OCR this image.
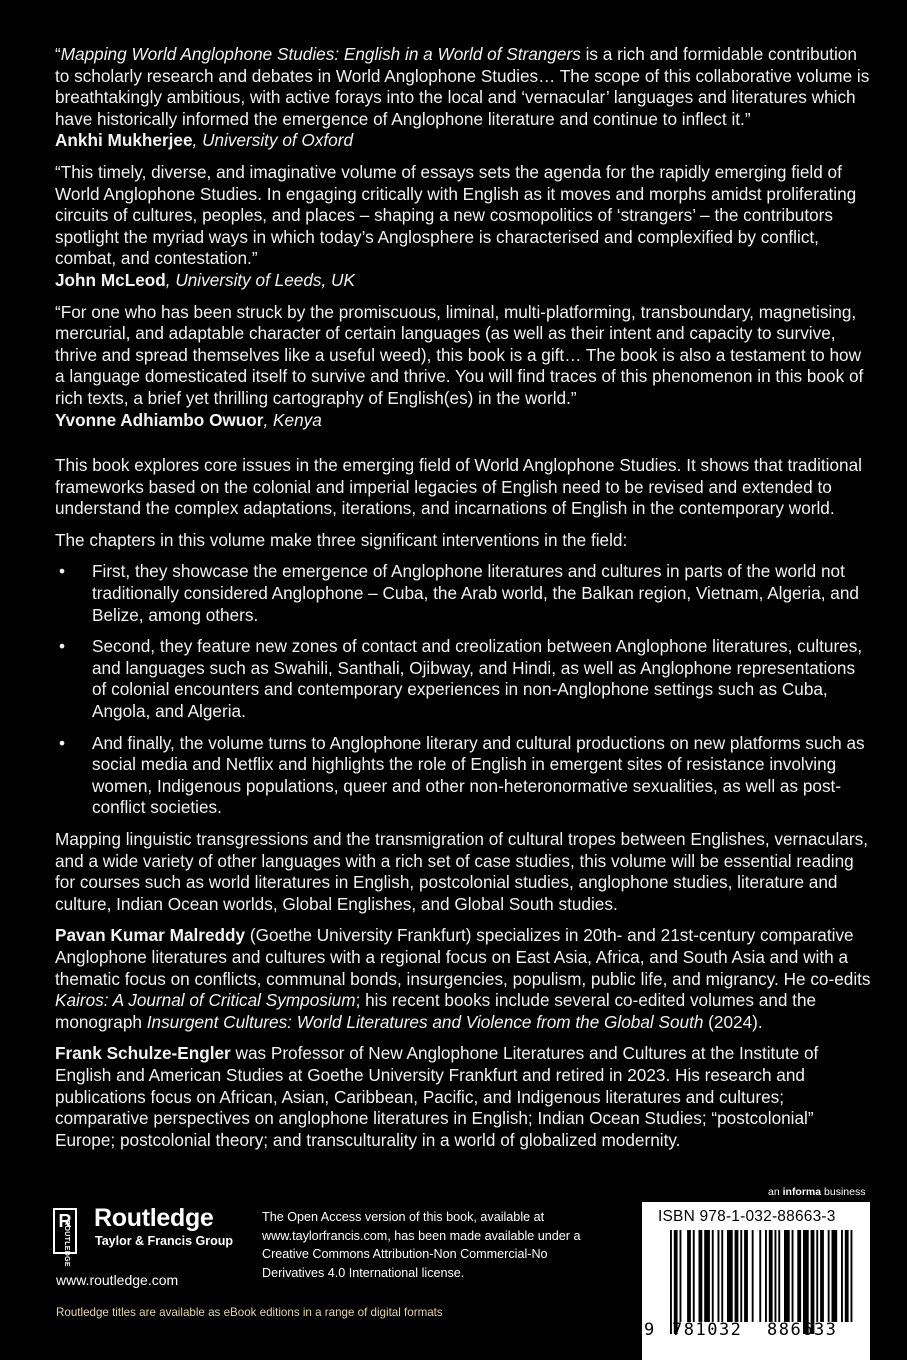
“Mapping World Anglophone Studies: English in a World of Strangers is a rich and formidable contribution to scholarly research and debates in World Anglophone Studies… The scope of this collaborative volume is breathtakingly ambitious, with active forays into the local and ‘vernacular’ languages and literatures which have historically informed the emergence of Anglophone literature and continue to inflect it.”

Ankhi Mukherjee, University of Oxford

“This timely, diverse, and imaginative volume of essays sets the agenda for the rapidly emerging field of World Anglophone Studies. In engaging critically with English as it moves and morphs amidst proliferating circuits of cultures, peoples, and places – shaping a new cosmopolitics of ‘strangers’ – the contributors spotlight the myriad ways in which today’s Anglosphere is characterised and complexified by conflict, combat, and contestation.”

John McLeod, University of Leeds, UK

“For one who has been struck by the promiscuous, liminal, multi-platforming, transboundary, magnetising, mercurial, and adaptable character of certain languages (as well as their intent and capacity to survive, thrive and spread themselves like a useful weed), this book is a gift… The book is also a testament to how a language domesticated itself to survive and thrive. You will find traces of this phenomenon in this book of rich texts, a brief yet thrilling cartography of English(es) in the world.”

Yvonne Adhiambo Owuor, Kenya

This book explores core issues in the emerging field of World Anglophone Studies. It shows that traditional frameworks based on the colonial and imperial legacies of English need to be revised and extended to understand the complex adaptations, iterations, and incarnations of English in the contemporary world.

The chapters in this volume make three significant interventions in the field:

• First, they showcase the emergence of Anglophone literatures and cultures in parts of the world not traditionally considered Anglophone – Cuba, the Arab world, the Balkan region, Vietnam, Algeria, and Belize, among others.
• Second, they feature new zones of contact and creolization between Anglophone literatures, cultures, and languages such as Swahili, Santhali, Ojibway, and Hindi, as well as Anglophone representations of colonial encounters and contemporary experiences in non-Anglophone settings such as Cuba, Angola, and Algeria.
• And finally, the volume turns to Anglophone literary and cultural productions on new platforms such as social media and Netflix and highlights the role of English in emergent sites of resistance involving women, Indigenous populations, queer and other non-heteronormative sexualities, as well as post-conflict societies.

Mapping linguistic transgressions and the transmigration of cultural tropes between Englishes, vernaculars, and a wide variety of other languages with a rich set of case studies, this volume will be essential reading for courses such as world literatures in English, postcolonial studies, anglophone studies, literature and culture, Indian Ocean worlds, Global Englishes, and Global South studies.

Pavan Kumar Malreddy (Goethe University Frankfurt) specializes in 20th- and 21st-century comparative Anglophone literatures and cultures with a regional focus on East Asia, Africa, and South Asia and with a thematic focus on conflicts, communal bonds, insurgencies, populism, public life, and migrancy. He co-edits Kairos: A Journal of Critical Symposium; his recent books include several co-edited volumes and the monograph Insurgent Cultures: World Literatures and Violence from the Global South (2024).

Frank Schulze-Engler was Professor of New Anglophone Literatures and Cultures at the Institute of English and American Studies at Goethe University Frankfurt and retired in 2023. His research and publications focus on African, Asian, Caribbean, Pacific, and Indigenous literatures and cultures; comparative perspectives on anglophone literatures in English; Indian Ocean Studies; “postcolonial” Europe; postcolonial theory; and transculturality in a world of globalized modernity.

R
ROUTLEDGE
Routledge
Taylor & Francis Group
www.routledge.com
The Open Access version of this book, available at www.taylorfrancis.com, has been made available under a Creative Commons Attribution-Non Commercial-No Derivatives 4.0 International license.
Routledge titles are available as eBook editions in a range of digital formats
an informa business
ISBN 978-1-032-88663-3
9 781032 886633
